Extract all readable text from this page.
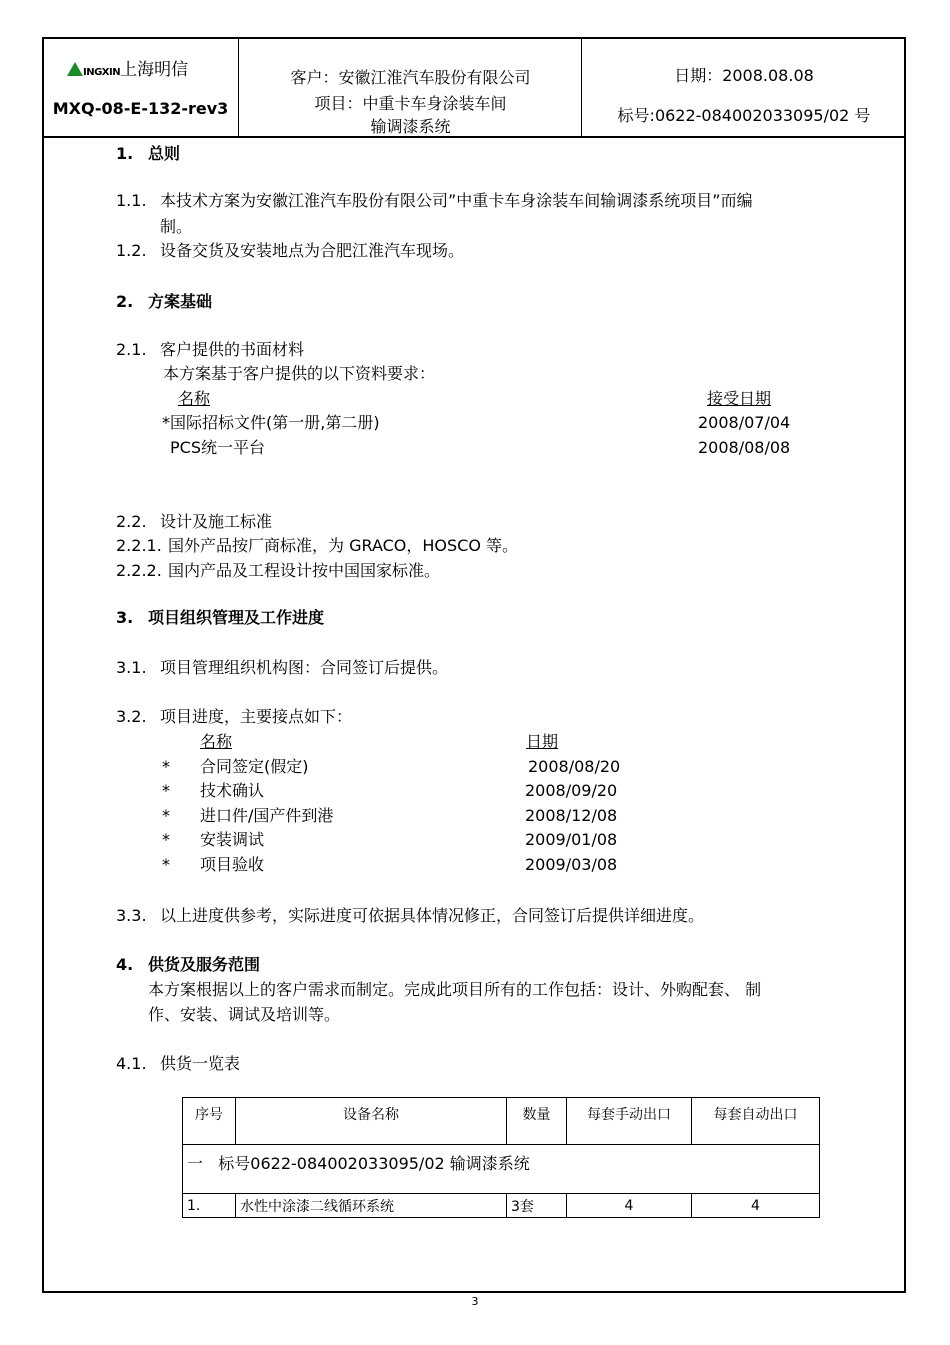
INGXIN上海明信
MXQ-08-E-132-rev3
客户：安徽江淮汽车股份有限公司
项目：中重卡车身涂装车间
输调漆系统
日期：2008.08.08
标号:0622-084002033095/02 号
1. 总则
1.1. 本技术方案为安徽江淮汽车股份有限公司”中重卡车身涂装车间输调漆系统项目”而编
制。
1.2. 设备交货及安装地点为合肥江淮汽车现场。
2. 方案基础
2.1. 客户提供的书面材料
本方案基于客户提供的以下资料要求：
名称	接受日期
*国际招标文件(第一册,第二册)	2008/07/04
PCS统一平台	2008/08/08
2.2. 设计及施工标准
2.2.1. 国外产品按厂商标准，为 GRACO，HOSCO 等。
2.2.2. 国内产品及工程设计按中国国家标准。
3. 项目组织管理及工作进度
3.1. 项目管理组织机构图：合同签订后提供。
3.2. 项目进度，主要接点如下：
名称	日期
* 合同签定(假定)	2008/08/20
* 技术确认	2008/09/20
* 进口件/国产件到港	2008/12/08
* 安装调试	2009/01/08
* 项目验收	2009/03/08
3.3. 以上进度供参考，实际进度可依据具体情况修正，合同签订后提供详细进度。
4. 供货及服务范围
本方案根据以上的客户需求而制定。完成此项目所有的工作包括：设计、外购配套、 制
作、安装、调试及培训等。
4.1. 供货一览表
序号	设备名称	数量	每套手动出口	每套自动出口
一 标号0622-084002033095/02 输调漆系统				
1.	水性中涂漆二线循环系统	3套	4	4
3
